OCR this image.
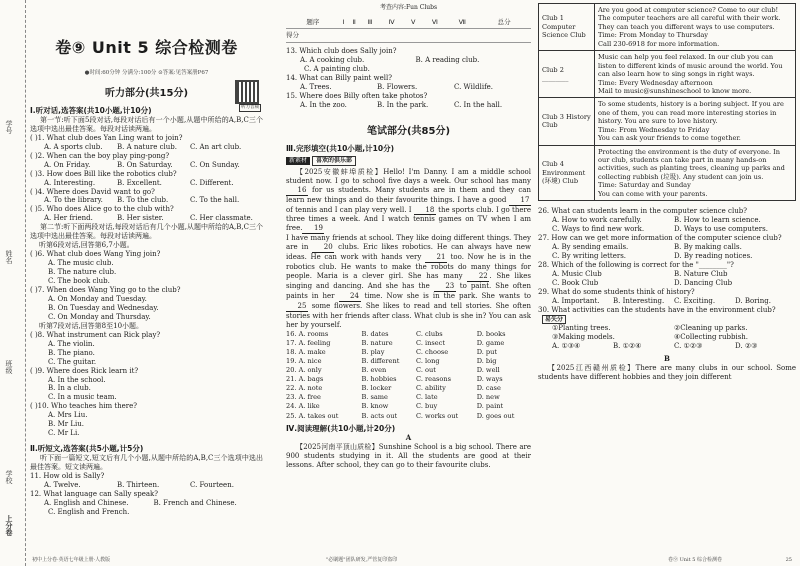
学号
姓名
班级
学校
上分卷
卷⑨ Unit 5 综合检测卷
●时间:60分钟 分满分:100分 ⊙答案:见答案册P67
听力音频
听力部分(共15分)
Ⅰ.听对话,选答案(共10小题,计10分)
第一节:听下面5段对话,每段对话后有一个小题,从题中所给的A,B,C三个选项中选出最佳答案。每段对话读两遍。
( )1. What club does Yan Ling want to join?
A. A sports club.	B. A nature club.	C. An art club.
( )2. When can the boy play ping-pong?
A. On Friday.	B. On Saturday.	C. On Sunday.
( )3. How does Bill like the robotics club?
A. Interesting.	B. Excellent.	C. Different.
( )4. Where does David want to go?
A. To the library.	B. To the club.	C. To the hall.
( )5. Who does Alice go to the club with?
A. Her friend.	B. Her sister.	C. Her classmate.
第二节:听下面两段对话,每段对话后有几个小题,从题中所给的A,B,C三个选项中选出最佳答案。每段对话读两遍。
听第6段对话,回答第6,7小题。
( )6. What club does Wang Ying join?
A. The music club.
B. The nature club.
C. The book club.
( )7. When does Wang Ying go to the club?
A. On Monday and Tuesday.
B. On Tuesday and Wednesday.
C. On Monday and Thursday.
听第7段对话,回答第8至10小题。
( )8. What instrument can Rick play?
A. The violin.
B. The piano.
C. The guitar.
( )9. Where does Rick learn it?
A. In the school.
B. In a club.
C. In a music team.
( )10. Who teaches him there?
A. Mrs Liu.
B. Mr Liu.
C. Mr Li.
Ⅱ.听短文,选答案(共5小题,计5分)
听下面一篇短文,短文后有几个小题,从题中所给的A,B,C三个选项中选出最佳答案。短文读两遍。
11. How old is Sally?
A. Twelve.	B. Thirteen.	C. Fourteen.
12. What language can Sally speak?
A. English and Chinese.	B. French and Chinese.
C. English and French.
初中上分卷·英语七年级上册·人教版
考查内容:Fun Clubs
题序	Ⅰ	Ⅱ	Ⅲ	Ⅳ	Ⅴ	Ⅵ	Ⅶ	总分
得分								
13. Which club does Sally join?
A. A cooking club.	B. A reading club.
C. A painting club.
14. What can Billy paint well?
A. Trees.	B. Flowers.	C. Wildlife.
15. Where does Billy often take photos?
A. In the zoo.	B. In the park.	C. In the hall.
笔试部分(共85分)
Ⅲ.完形填空(共10小题,计10分)
新素材 喜欢的俱乐部
【2025安徽蚌埠质检】Hello! I'm Danny. I am a middle school student now. I go to school five days a week. Our school has many 16 for us students. Many students are in them and they can learn new things and do their favourite things. I have a good 17 of tennis and I can play very well. I 18 the sports club. I go there three times a week. And I watch tennis games on TV when I am free. 19
I have many friends at school. They like doing different things. They are in 20 clubs. Eric likes robotics. He can always have new ideas. He can work with hands very 21 too. Now he is in the robotics club. He wants to make the robots do many things for people. Maria is a clever girl. She has many 22 . She likes singing and dancing. And she has the 23 to paint. She often paints in her 24 time. Now she is in the park. She wants to 25 some flowers. She likes to read and tell stories. She often stories with her friends after class. What club is she in? You can ask her by yourself.
16. A. rooms	B. dates	C. clubs	D. books
17. A. feeling	B. nature	C. insect	D. game
18. A. make	B. play	C. choose	D. put
19. A. nice	B. different	C. long	D. big
20. A. only	B. even	C. out	D. well
21. A. bags	B. hobbies	C. reasons	D. ways
22. A. note	B. locker	C. ability	D. case
23. A. free	B. same	C. late	D. new
24. A. like	B. know	C. buy	D. paint
25. A. takes out	B. acts out	C. works out	D. goes out
Ⅳ.阅读理解(共10小题,计20分)
A
【2025河南平顶山质检】Sunshine School is a big school. There are 900 students studying in it. All the students are good at their lessons. After school, they can go to their favourite clubs.
"必刷题"团队研发,严管复印盗印
Club 1 Computer Science Club	Are you good at computer science? Come to our club! The computer teachers are all careful with their work. They can teach you different ways to use computers.
Time: From Monday to Thursday
Call 230-6918 for more information.

Club 2 ________	Music can help you feel relaxed. In our club you can listen to different kinds of music around the world. You can also learn how to sing songs in right ways.
Time: Every Wednesday afternoon
Mail to music@sunshineschool to know more.

Club 3 History Club	To some students, history is a boring subject. If you are one of them, you can read more interesting stories in history. You are sure to love history.
Time: From Wednesday to Friday
You can ask your friends to come together.

Club 4 Environment (环境) Club	Protecting the environment is the duty of everyone. In our club, students can take part in many hands-on activities, such as planting trees, cleaning up parks and collecting rubbish (垃圾). Any student can join us.
Time: Saturday and Sunday
You can come with your parents.
26. What can students learn in the computer science club?
A. How to work carefully.	B. How to learn science.
C. Ways to find new work.	D. Ways to use computers.
27. How can we get more information of the computer science club?
A. By sending emails.	B. By making calls.
C. By writing letters.	D. By reading notices.
28. Which of the following is correct for the "________"?
A. Music Club	B. Nature Club
C. Book Club	D. Dancing Club
29. What do some students think of history?
A. Important.	B. Interesting.	C. Exciting.	D. Boring.
30. What activities can the students have in the environment club?
易失分
①Planting trees.	②Cleaning up parks.
③Making models.	④Collecting rubbish.
A. ①③④	B. ①②④	C. ①②③	D. ②③
B
【2025江西赣州质检】There are many clubs in our school. Some students have different hobbies and they join different
卷⑨ Unit 5 综合检测卷	25
